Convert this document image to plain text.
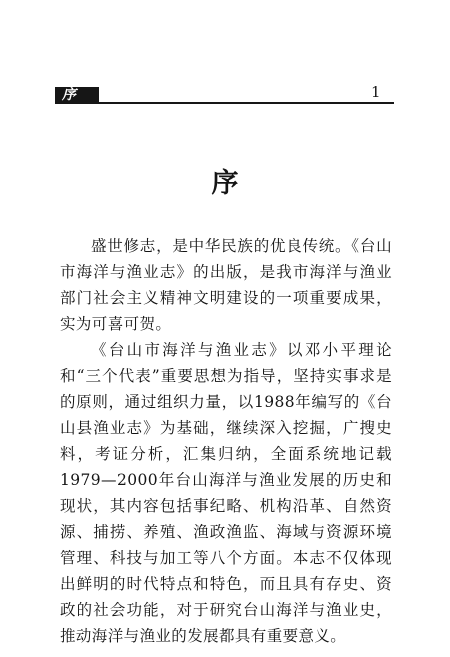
序	1
序

盛世修志，是中华民族的优良传统。《台山市海洋与渔业志》的出版，是我市海洋与渔业部门社会主义精神文明建设的一项重要成果，实为可喜可贺。

《台山市海洋与渔业志》以邓小平理论和“三个代表”重要思想为指导，坚持实事求是的原则，通过组织力量，以1988年编写的《台山县渔业志》为基础，继续深入挖掘，广搜史料，考证分析，汇集归纳，全面系统地记载1979—2000年台山海洋与渔业发展的历史和现状，其内容包括事纪略、机构沿革、自然资源、捕捞、养殖、渔政渔监、海域与资源环境管理、科技与加工等八个方面。本志不仅体现出鲜明的时代特点和特色，而且具有存史、资政的社会功能，对于研究台山海洋与渔业史，推动海洋与渔业的发展都具有重要意义。
